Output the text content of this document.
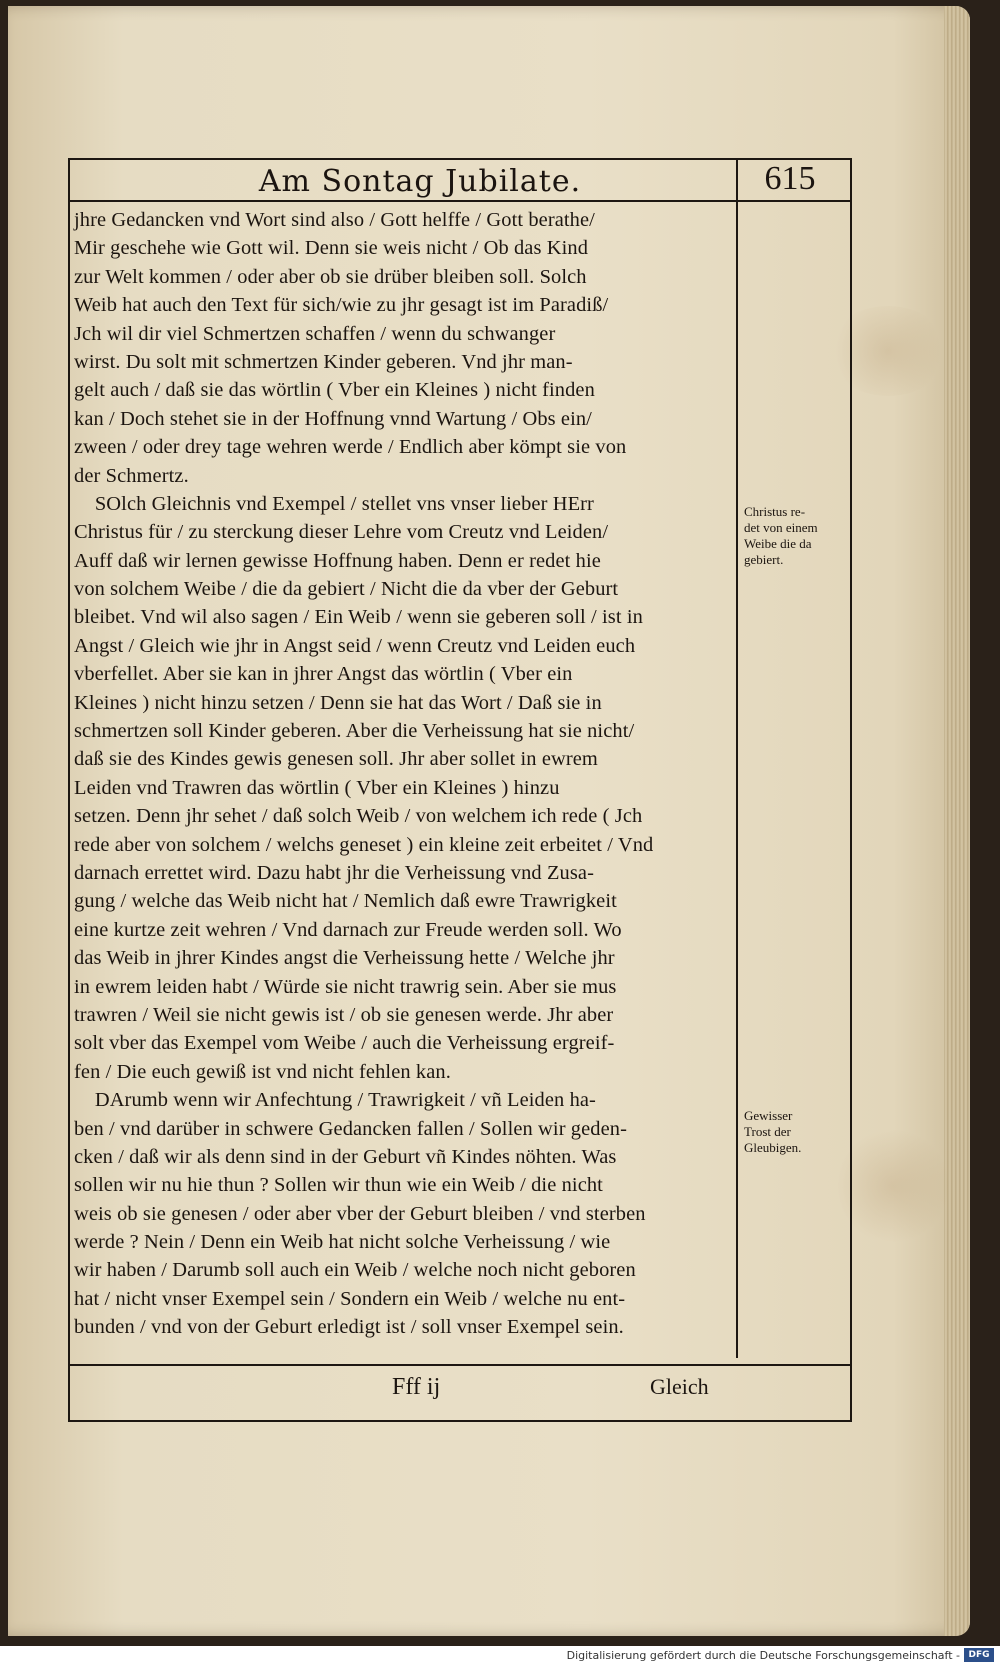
Am Sontag Jubilate.	615
jhre Gedancken vnd Wort sind also / Gott helffe / Gott berathe/
Mir geschehe wie Gott wil. Denn sie weis nicht / Ob das Kind
zur Welt kommen / oder aber ob sie drüber bleiben soll. Solch
Weib hat auch den Text für sich/wie zu jhr gesagt ist im Paradiß/
Jch wil dir viel Schmertzen schaffen / wenn du schwanger
wirst. Du solt mit schmertzen Kinder geberen. Vnd jhr man-
gelt auch / daß sie das wörtlin ( Vber ein Kleines ) nicht finden
kan / Doch stehet sie in der Hoffnung vnnd Wartung / Obs ein/
zween / oder drey tage wehren werde / Endlich aber kömpt sie von
der Schmertz.
SOlch Gleichnis vnd Exempel / stellet vns vnser lieber HErr
Christus für / zu sterckung dieser Lehre vom Creutz vnd Leiden/
Auff daß wir lernen gewisse Hoffnung haben. Denn er redet hie
von solchem Weibe / die da gebiert / Nicht die da vber der Geburt
bleibet. Vnd wil also sagen / Ein Weib / wenn sie geberen soll / ist in
Angst / Gleich wie jhr in Angst seid / wenn Creutz vnd Leiden euch
vberfellet. Aber sie kan in jhrer Angst das wörtlin ( Vber ein
Kleines ) nicht hinzu setzen / Denn sie hat das Wort / Daß sie in
schmertzen soll Kinder geberen. Aber die Verheissung hat sie nicht/
daß sie des Kindes gewis genesen soll. Jhr aber sollet in ewrem
Leiden vnd Trawren das wörtlin ( Vber ein Kleines ) hinzu
setzen. Denn jhr sehet / daß solch Weib / von welchem ich rede ( Jch
rede aber von solchem / welchs geneset ) ein kleine zeit erbeitet / Vnd
darnach errettet wird. Dazu habt jhr die Verheissung vnd Zusa-
gung / welche das Weib nicht hat / Nemlich daß ewre Trawrigkeit
eine kurtze zeit wehren / Vnd darnach zur Freude werden soll. Wo
das Weib in jhrer Kindes angst die Verheissung hette / Welche jhr
in ewrem leiden habt / Würde sie nicht trawrig sein. Aber sie mus
trawren / Weil sie nicht gewis ist / ob sie genesen werde. Jhr aber
solt vber das Exempel vom Weibe / auch die Verheissung ergreif-
fen / Die euch gewiß ist vnd nicht fehlen kan.
DArumb wenn wir Anfechtung / Trawrigkeit / vñ Leiden ha-
ben / vnd darüber in schwere Gedancken fallen / Sollen wir geden-
cken / daß wir als denn sind in der Geburt vñ Kindes nöhten. Was
sollen wir nu hie thun ? Sollen wir thun wie ein Weib / die nicht
weis ob sie genesen / oder aber vber der Geburt bleiben / vnd sterben
werde ? Nein / Denn ein Weib hat nicht solche Verheissung / wie
wir haben / Darumb soll auch ein Weib / welche noch nicht geboren
hat / nicht vnser Exempel sein / Sondern ein Weib / welche nu ent-
bunden / vnd von der Geburt erledigt ist / soll vnser Exempel sein.
Christus re-
det von einem
Weibe die da
gebiert.
Gewisser
Trost der
Gleubigen.
Fff ij	Gleich
Digitalisierung gefördert durch die Deutsche Forschungsgemeinschaft - DFG
